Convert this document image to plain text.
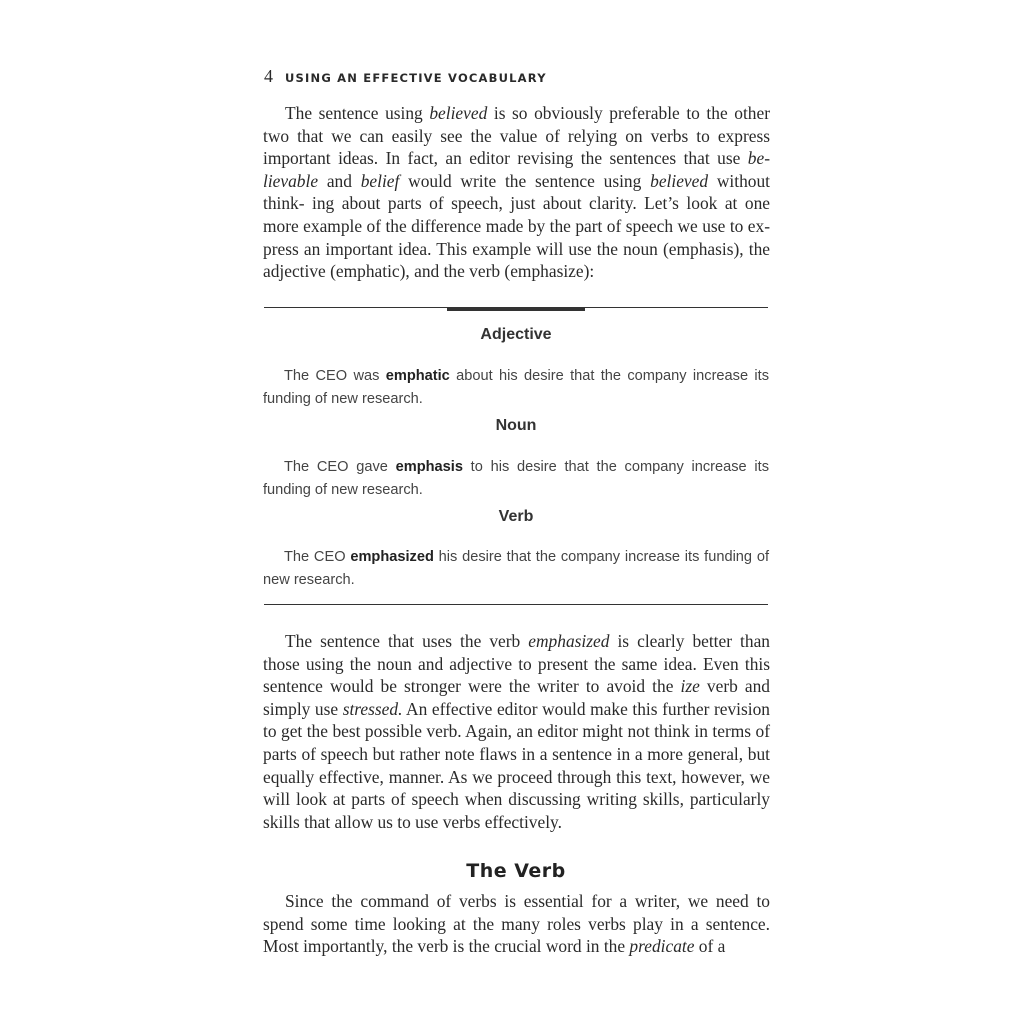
4 USING AN EFFECTIVE VOCABULARY

The sentence using believed is so obviously preferable to the other two that we can easily see the value of relying on verbs to express important ideas. In fact, an editor revising the sentences that use be- lievable and belief would write the sentence using believed without think- ing about parts of speech, just about clarity. Let’s look at one more example of the difference made by the part of speech we use to ex- press an important idea. This example will use the noun (emphasis), the adjective (emphatic), and the verb (emphasize):

Adjective

The CEO was emphatic about his desire that the company increase its funding of new research.

Noun

The CEO gave emphasis to his desire that the company increase its funding of new research.

Verb

The CEO emphasized his desire that the company increase its funding of new research.

The sentence that uses the verb emphasized is clearly better than those using the noun and adjective to present the same idea. Even this sentence would be stronger were the writer to avoid the ize verb and simply use stressed. An effective editor would make this further revision to get the best possible verb. Again, an editor might not think in terms of parts of speech but rather note flaws in a sentence in a more general, but equally effective, manner. As we proceed through this text, however, we will look at parts of speech when discussing writing skills, particularly skills that allow us to use verbs effectively.

The Verb

Since the command of verbs is essential for a writer, we need to spend some time looking at the many roles verbs play in a sentence. Most importantly, the verb is the crucial word in the predicate of a
